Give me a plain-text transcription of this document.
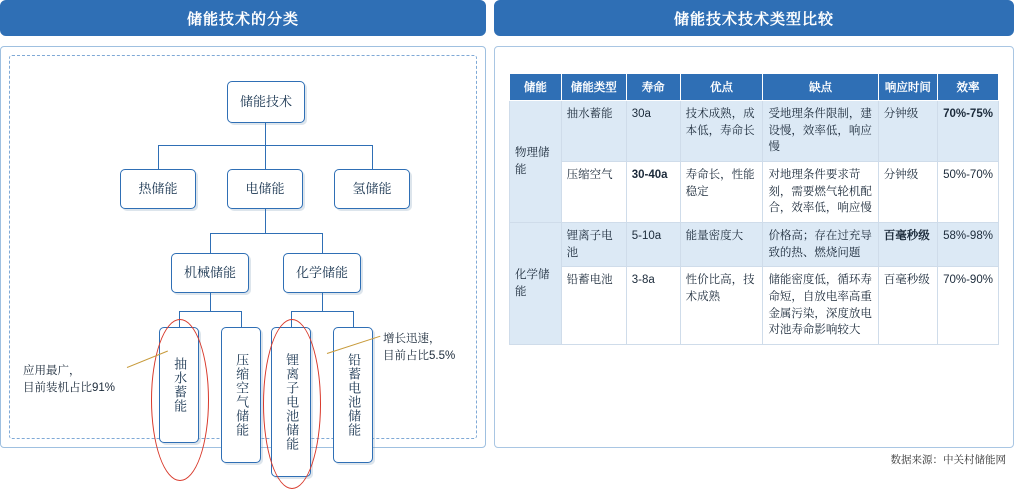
储能技术的分类
储能技术
热储能	电储能	氢储能
机械储能	化学储能
抽水蓄能	压缩空气储能	锂离子电池储能	铅蓄电池储能
应用最广，
目前装机占比91%
增长迅速，
目前占比5.5%
储能技术技术类型比较
储能	储能类型	寿命	优点	缺点	响应时间	效率
物理储能	抽水蓄能	30a	技术成熟，成本低，寿命长	受地理条件限制，建设慢，效率低，响应慢	分钟级	70%-75%
	压缩空气	30-40a	寿命长，性能稳定	对地理条件要求苛刻，需要燃气轮机配合，效率低，响应慢	分钟级	50%-70%
化学储能	锂离子电池	5-10a	能量密度大	价格高；存在过充导致的热、燃烧问题	百毫秒级	58%-98%
	铅蓄电池	3-8a	性价比高，技术成熟	储能密度低，循环寿命短，自放电率高重金属污染，深度放电对池寿命影响较大	百毫秒级	70%-90%
数据来源：中关村储能网
